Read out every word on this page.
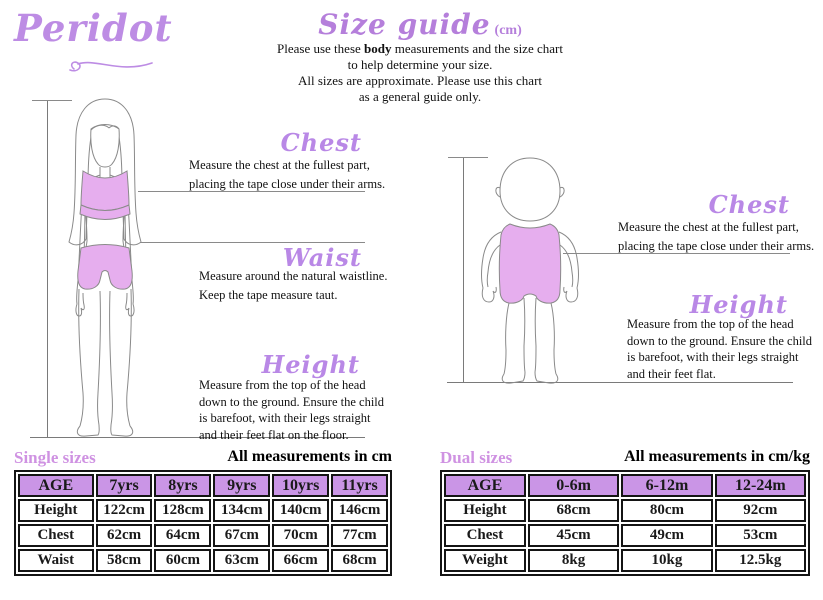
Peridot	Size guide (cm)
Please use these body measurements and the size chart
to help determine your size.
All sizes are approximate. Please use this chart
as a general guide only.
Chest
Measure the chest at the fullest part,
placing the tape close under their arms.
Waist
Measure around the natural waistline.
Keep the tape measure taut.
Height
Measure from the top of the head
down to the ground. Ensure the child
is barefoot, with their legs straight
and their feet flat on the floor.
Chest
Measure the chest at the fullest part,
placing the tape close under their arms.
Height
Measure from the top of the head
down to the ground. Ensure the child
is barefoot, with their legs straight
and their feet flat.
Single sizes	All measurements in cm
AGE	7yrs	8yrs	9yrs	10yrs	11yrs
Height	122cm	128cm	134cm	140cm	146cm
Chest	62cm	64cm	67cm	70cm	77cm
Waist	58cm	60cm	63cm	66cm	68cm
Dual sizes	All measurements in cm/kg
AGE	0-6m	6-12m	12-24m
Height	68cm	80cm	92cm
Chest	45cm	49cm	53cm
Weight	8kg	10kg	12.5kg
